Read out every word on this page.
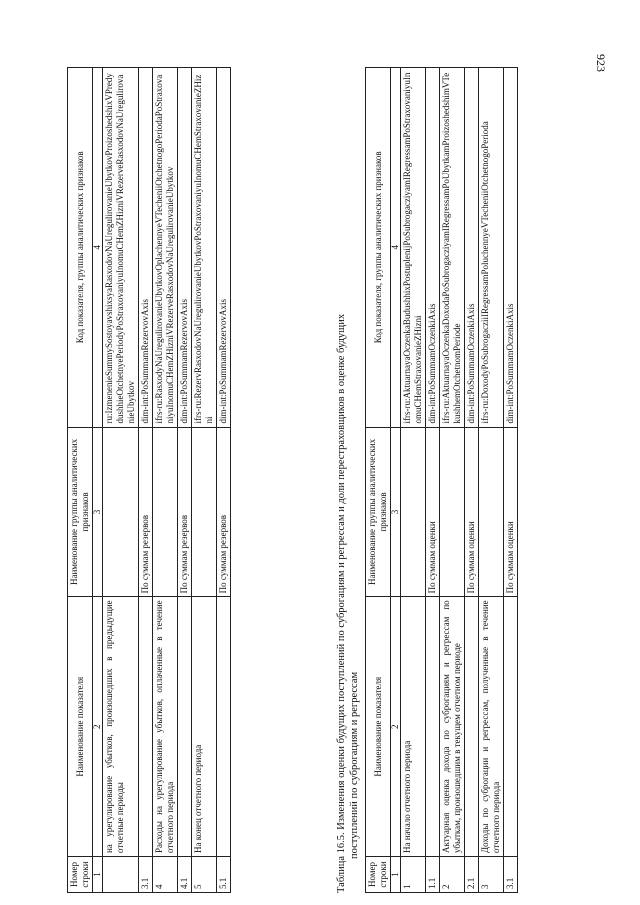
923
Номер строки	Наименование показателя	Наименование группы аналитических признаков	Код показателя, группы аналитических признаков
1	2	3	4
	на урегулирование убытков, произошедших в предыдущие отчетные периоды		ru:IzmenenieSummySostoyavshixsyaRasxodovNaUregulirovanieUbytkovProizoshedshixVPredydushhieOtchetnyePeriodyPoStraxovaniyuInomuCHemZHizniVRezerveRasxodovNaUregulirovanieUbytkov
3.1		По суммам резервов	dim-int:PoSummamRezervovAxis
4	Расходы на урегулирование убытков, оплаченные в течение отчетного периода		ifrs-ru:RasxodyNaUregulirovanieUbytkovOplachennyeVTecheniiOtchetnogoPeriodaPoStraxovaniyuInomuCHemZHizniVRezerveRasxodovNaUregulirovanieUbytkov
4.1		По суммам резервов	dim-int:PoSummamRezervovAxis
5	На конец отчетного периода		ifrs-ru:RezervRasxodovNaUregulirovanieUbytkovPoStraxovaniyuInomuCHemStraxovanieZHizni
5.1		По суммам резервов	dim-int:PoSummamRezervovAxis	Таблица 16.5. Изменения оценки будущих поступлений по суброгациям и регрессам и доли перестраховщиков в оценке будущих поступлений по суброгациям и регрессам
Номер строки	Наименование показателя	Наименование группы аналитических признаков	Код показателя, группы аналитических признаков
1	2	3	4
1	На начало отчетного периода		ifrs-ru:AktuarnayaOczenkaBudushhixPostuplenijPoSubrogacziyamIRegressamPoStraxovaniyuInomuCHemStraxovanieZHizni
1.1		По суммам оценки	dim-int:PoSummamOczenkiAxis
2	Актуарная оценка дохода по суброгациям и регрессам по убыткам, произошедшим в текущем отчетном периоде		ifrs-ru:AktuarnayaOczenkaDoxodaPoSubrogacziyamIRegressamPoUbytkamProizoshedshimVTekushhemOtchetnomPeriode
2.1		По суммам оценки	dim-int:PoSummamOczenkiAxis
3	Доходы по суброгации и регрессам, полученные в течение отчетного периода		ifrs-ru:DoxodyPoSubrogacziiIRegressamPoluchennyeVTecheniiOtchetnogoPerioda
3.1		По суммам оценки	dim-int:PoSummamOczenkiAxis
